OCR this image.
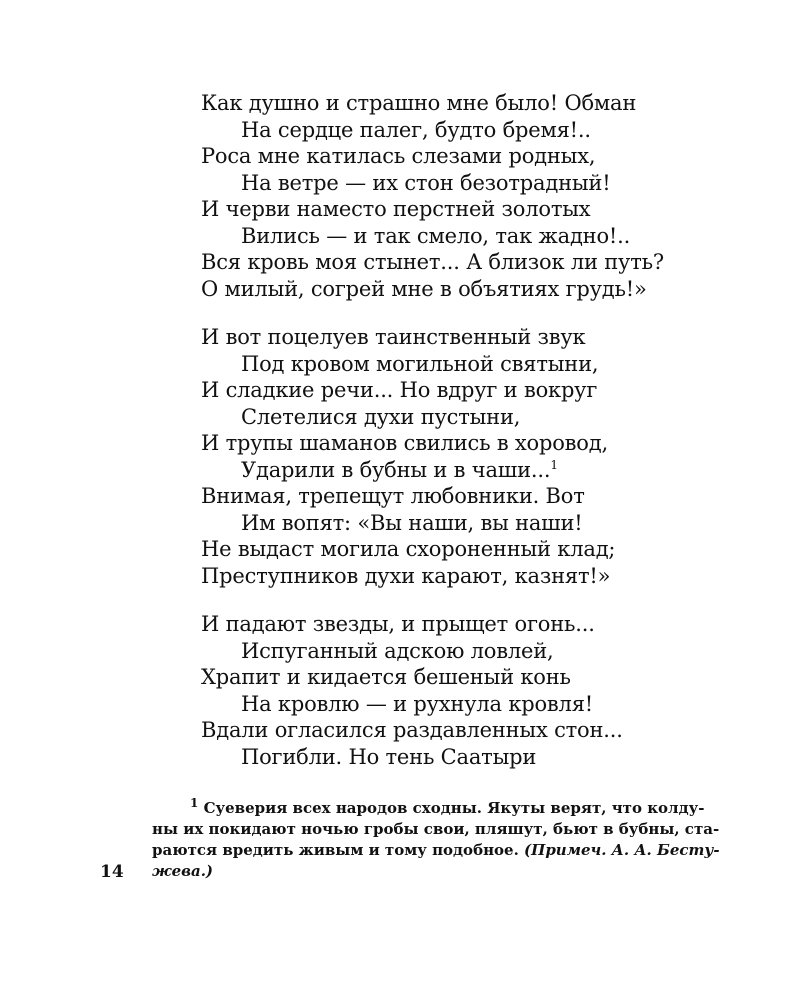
Как душно и страшно мне было! Обман
На сердце палег, будто бремя!..
Роса мне катилась слезами родных,
На ветре — их стон безотрадный!
И черви наместо перстней золотых
Вились — и так смело, так жадно!..
Вся кровь моя стынет... А близок ли путь?
О милый, согрей мне в объятиях грудь!»
И вот поцелуев таинственный звук
Под кровом могильной святыни,
И сладкие речи... Но вдруг и вокруг
Слетелися духи пустыни,
И трупы шаманов свились в хоровод,
Ударили в бубны и в чаши...$^1$
Внимая, трепещут любовники. Вот
Им вопят: «Вы наши, вы наши!
Не выдаст могила схороненный клад;
Преступников духи карают, казнят!»
И падают звезды, и прыщет огонь...
Испуганный адскою ловлей,
Храпит и кидается бешеный конь
На кровлю — и рухнула кровля!
Вдали огласился раздавленных стон...
Погибли. Но тень Саатыри
$^1$ Суеверия всех народов сходны. Якуты верят, что колду-
ны их покидают ночью гробы свои, пляшут, бьют в бубны, ста-
раются вредить живым и тому подобное. (Примеч. А. А. Бесту-
жева.)
14
